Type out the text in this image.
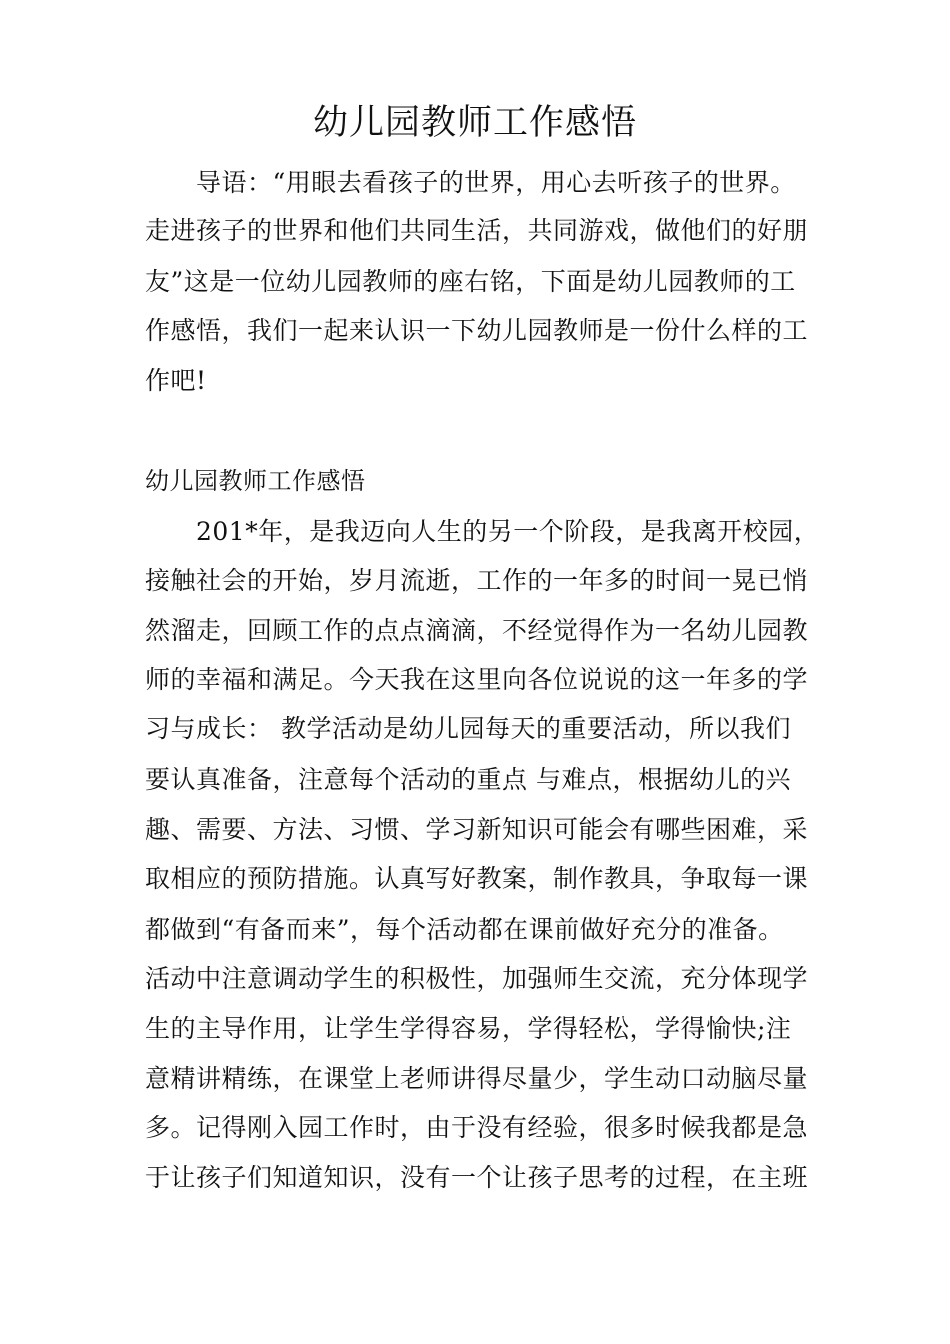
幼儿园教师工作感悟
导语：“用眼去看孩子的世界，用心去听孩子的世界。
走进孩子的世界和他们共同生活，共同游戏，做他们的好朋
友”这是一位幼儿园教师的座右铭，下面是幼儿园教师的工
作感悟，我们一起来认识一下幼儿园教师是一份什么样的工
作吧!
幼儿园教师工作感悟
201*年，是我迈向人生的另一个阶段，是我离开校园，
接触社会的开始，岁月流逝，工作的一年多的时间一晃已悄
然溜走，回顾工作的点点滴滴，不经觉得作为一名幼儿园教
师的幸福和满足。今天我在这里向各位说说的这一年多的学
习与成长： 教学活动是幼儿园每天的重要活动，所以我们
要认真准备，注意每个活动的重点 与难点，根据幼儿的兴
趣、需要、方法、习惯、学习新知识可能会有哪些困难，采
取相应的预防措施。认真写好教案，制作教具，争取每一课
都做到“有备而来”，每个活动都在课前做好充分的准备。
活动中注意调动学生的积极性，加强师生交流，充分体现学
生的主导作用，让学生学得容易，学得轻松，学得愉快;注
意精讲精练，在课堂上老师讲得尽量少，学生动口动脑尽量
多。记得刚入园工作时，由于没有经验，很多时候我都是急
于让孩子们知道知识，没有一个让孩子思考的过程，在主班
